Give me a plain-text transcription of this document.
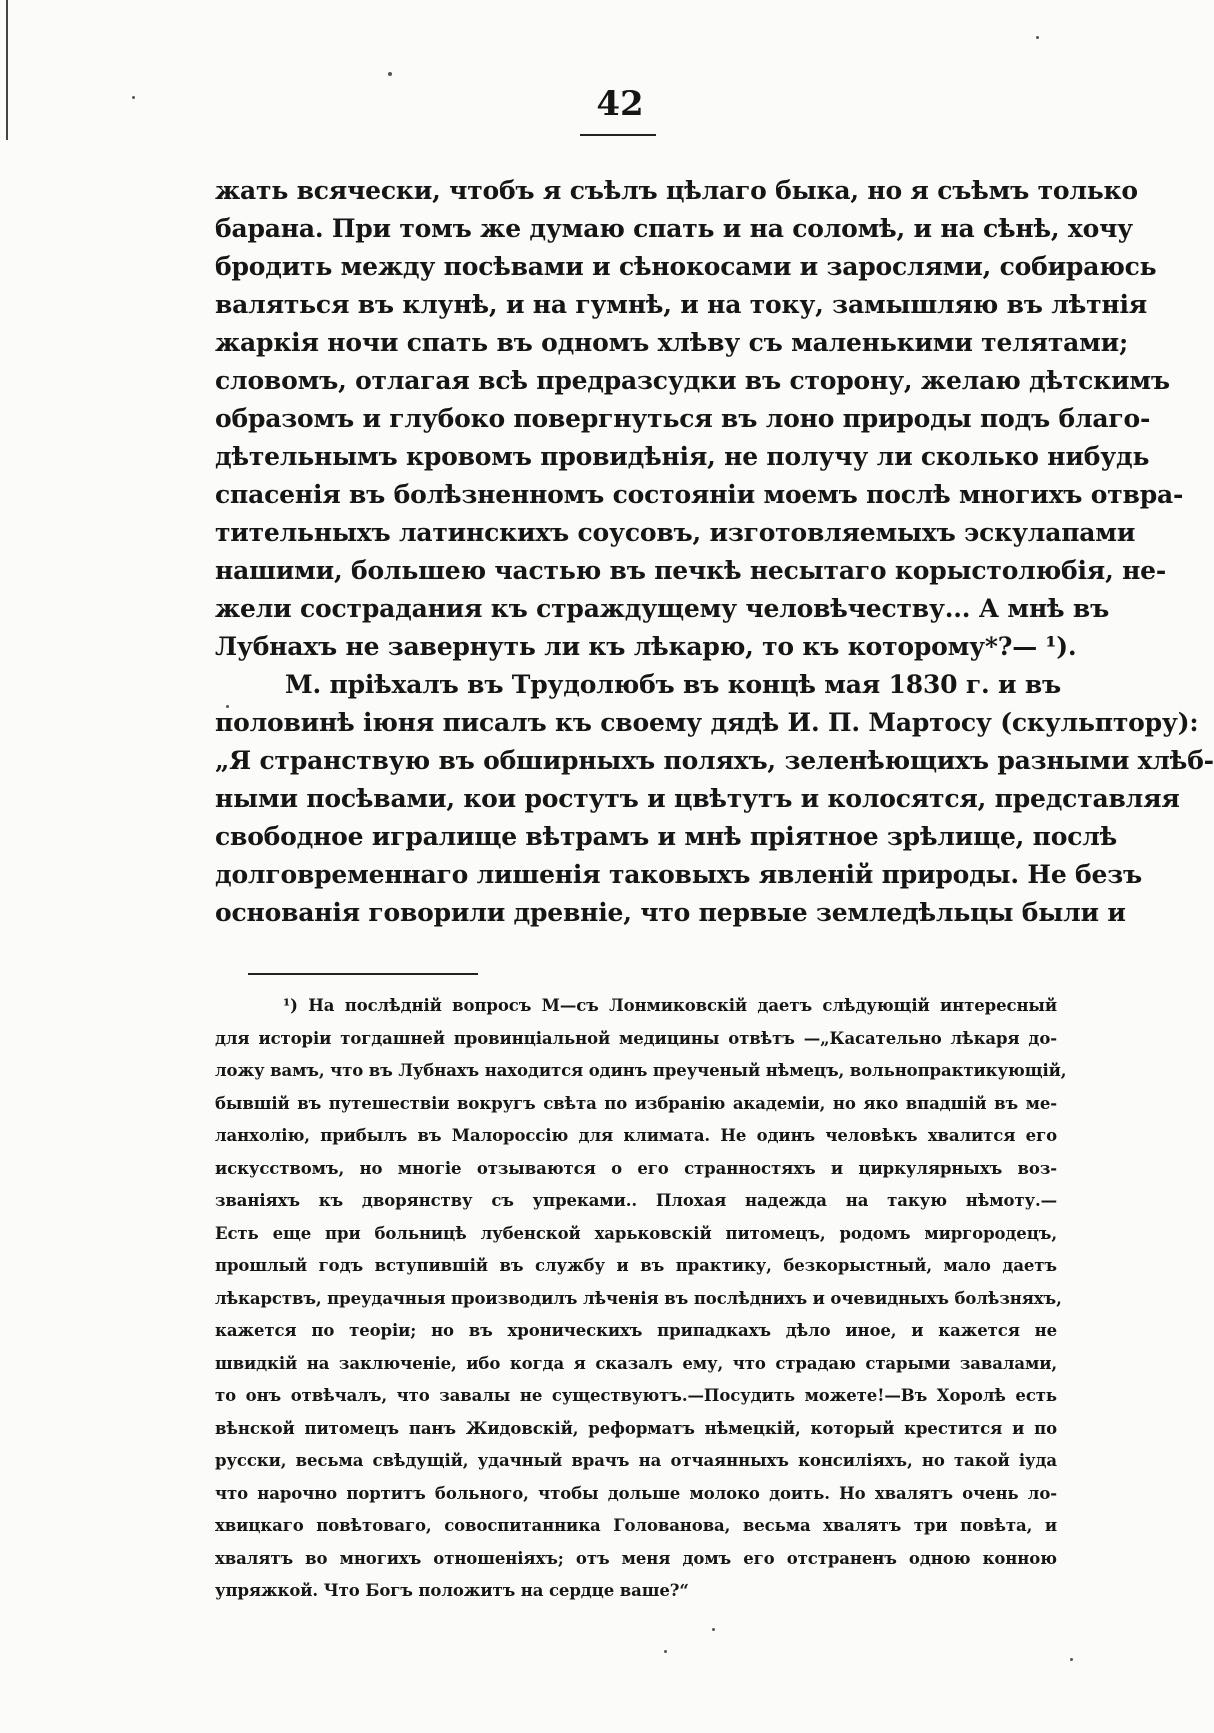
42
жать всячески, чтобъ я съѣлъ цѣлаго быка, но я съѣмъ только
барана. При томъ же думаю спать и на соломѣ, и на сѣнѣ, хочу
бродить между посѣвами и сѣнокосами и зарослями, собираюсь
валяться въ клунѣ, и на гумнѣ, и на току, замышляю въ лѣтнія
жаркія ночи спать въ одномъ хлѣву съ маленькими телятами;
словомъ, отлагая всѣ предразсудки въ сторону, желаю дѣтскимъ
образомъ и глубоко повергнуться въ лоно природы подъ благо-
дѣтельнымъ кровомъ провидѣнія, не получу ли сколько нибудь
спасенія въ болѣзненномъ состояніи моемъ послѣ многихъ отвра-
тительныхъ латинскихъ соусовъ, изготовляемыхъ эскулапами
нашими, большею частью въ печкѣ несытаго корыстолюбія, не-
жели сострадания къ страждущему человѣчеству... А мнѣ въ
Лубнахъ не завернуть ли къ лѣкарю, то къ которому*?— ¹).
М. пріѣхалъ въ Трудолюбъ въ концѣ мая 1830 г. и въ
половинѣ іюня писалъ къ своему дядѣ И. П. Мартосу (скульптору):
„Я странствую въ обширныхъ поляхъ, зеленѣющихъ разными хлѣб-
ными посѣвами, кои ростутъ и цвѣтутъ и колосятся, представляя
свободное игралище вѣтрамъ и мнѣ пріятное зрѣлище, послѣ
долговременнаго лишенія таковыхъ явленій природы. Не безъ
основанія говорили древніе, что первые земледѣльцы были и
¹) На послѣдній вопросъ М—съ Лонмиковскій даетъ слѣдующій интересный
для исторіи тогдашней провинціальной медицины отвѣтъ —„Касательно лѣкаря до-
ложу вамъ, что въ Лубнахъ находится одинъ преученый нѣмецъ, вольнопрактикующій,
бывшій въ путешествіи вокругъ свѣта по избранію академіи, но яко впадшій въ ме-
ланхолію, прибылъ въ Малороссію для климата. Не одинъ человѣкъ хвалится его
искусствомъ, но многіе отзываются о его странностяхъ и циркулярныхъ воз-
званіяхъ къ дворянству съ упреками.. Плохая надежда на такую нѣмоту.—
Есть еще при больницѣ лубенской харьковскій питомецъ, родомъ миргородецъ,
прошлый годъ вступившій въ службу и въ практику, безкорыстный, мало даетъ
лѣкарствъ, преудачныя производилъ лѣченія въ послѣднихъ и очевидныхъ болѣзняхъ,
кажется по теоріи; но въ хроническихъ припадкахъ дѣло иное, и кажется не
швидкій на заключеніе, ибо когда я сказалъ ему, что страдаю старыми завалами,
то онъ отвѣчалъ, что завалы не существуютъ.—Посудить можете!—Въ Хоролѣ есть
вѣнской питомецъ панъ Жидовскій, реформатъ нѣмецкій, который крестится и по
русски, весьма свѣдущій, удачный врачъ на отчаянныхъ консиліяхъ, но такой іуда
что нарочно портитъ больного, чтобы дольше молоко доить. Но хвалятъ очень ло-
хвицкаго повѣтоваго, совоспитанника Голованова, весьма хвалятъ три повѣта, и
хвалятъ во многихъ отношеніяхъ; отъ меня домъ его отстраненъ одною конною
упряжкой. Что Богъ положитъ на сердце ваше?“
